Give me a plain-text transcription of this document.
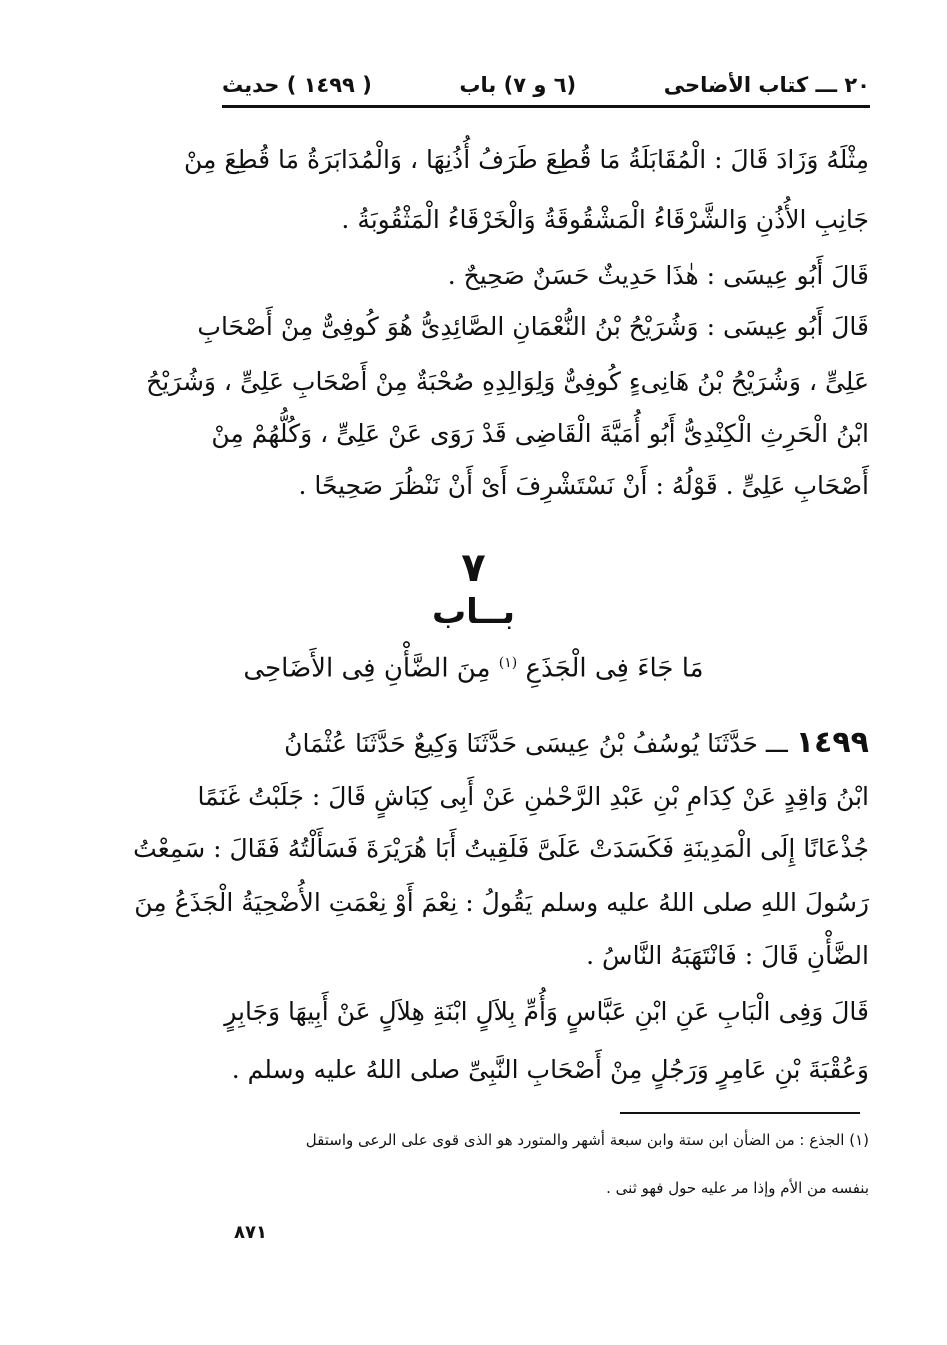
٢٠ ـــ كتاب الأضاحى
(٦ و ٧) باب
( ١٤٩٩ ) حديث
مِثْلَهُ وَزَادَ قَالَ : الْمُقَابَلَةُ مَا قُطِعَ طَرَفُ أُذُنِهَا ، وَالْمُدَابَرَةُ مَا قُطِعَ مِنْ
جَانِبِ الأُذُنِ وَالشَّرْقَاءُ الْمَشْقُوقَةُ وَالْخَرْقَاءُ الْمَثْقُوبَةُ .
قَالَ أَبُو عِيسَى : هٰذَا حَدِيثٌ حَسَنٌ صَحِيحٌ .
قَالَ أَبُو عِيسَى : وَشُرَيْحُ بْنُ النُّعْمَانِ الصَّائِدِىُّ هُوَ كُوفِىٌّ مِنْ أَصْحَابِ
عَلِىٍّ ، وَشُرَيْحُ بْنُ هَانِىءٍ كُوفِىٌّ وَلِوَالِدِهِ صُحْبَةٌ مِنْ أَصْحَابِ عَلِىٍّ ، وَشُرَيْحُ
ابْنُ الْحَرِثِ الْكِنْدِىُّ أَبُو أُمَيَّةَ الْقَاضِى قَدْ رَوَى عَنْ عَلِىٍّ ، وَكُلُّهُمْ مِنْ
أَصْحَابِ عَلِىٍّ . قَوْلُهُ : أَنْ نَسْتَشْرِفَ أَىْ أَنْ نَنْظُرَ صَحِيحًا .
٧
بــاب
مَا جَاءَ فِى الْجَذَعِ $^{(١)}$ مِنَ الضَّأْنِ فِى الأَضَاحِى
١٤٩٩ ـــ حَدَّثَنَا يُوسُفُ بْنُ عِيسَى حَدَّثَنَا وَكِيعٌ حَدَّثَنَا عُثْمَانُ
ابْنُ وَاقِدٍ عَنْ كِدَامِ بْنِ عَبْدِ الرَّحْمٰنِ عَنْ أَبِى كِبَاشٍ قَالَ : جَلَبْتُ غَنَمًا
جُذْعَانًا إِلَى الْمَدِينَةِ فَكَسَدَتْ عَلَىَّ فَلَقِيتُ أَبَا هُرَيْرَةَ فَسَأَلْتُهُ فَقَالَ : سَمِعْتُ
رَسُولَ اللهِ صلى اللهُ عليه وسلم يَقُولُ : نِعْمَ أَوْ نِعْمَتِ الأُضْحِيَةُ الْجَذَعُ مِنَ
الضَّأْنِ قَالَ : فَانْتَهَبَهُ النَّاسُ .
قَالَ وَفِى الْبَابِ عَنِ ابْنِ عَبَّاسٍ وَأُمِّ بِلاَلٍ ابْنَةِ هِلاَلٍ عَنْ أَبِيهَا وَجَابِرٍ
وَعُقْبَةَ بْنِ عَامِرٍ وَرَجُلٍ مِنْ أَصْحَابِ النَّبِىِّ صلى اللهُ عليه وسلم .
(١) الجذع : من الضأن ابن ستة وابن سبعة أشهر والمتورد هو الذى قوى على الرعى واستقل
بنفسه من الأم وإذا مر عليه حول فهو ثنى .
٨٧١
